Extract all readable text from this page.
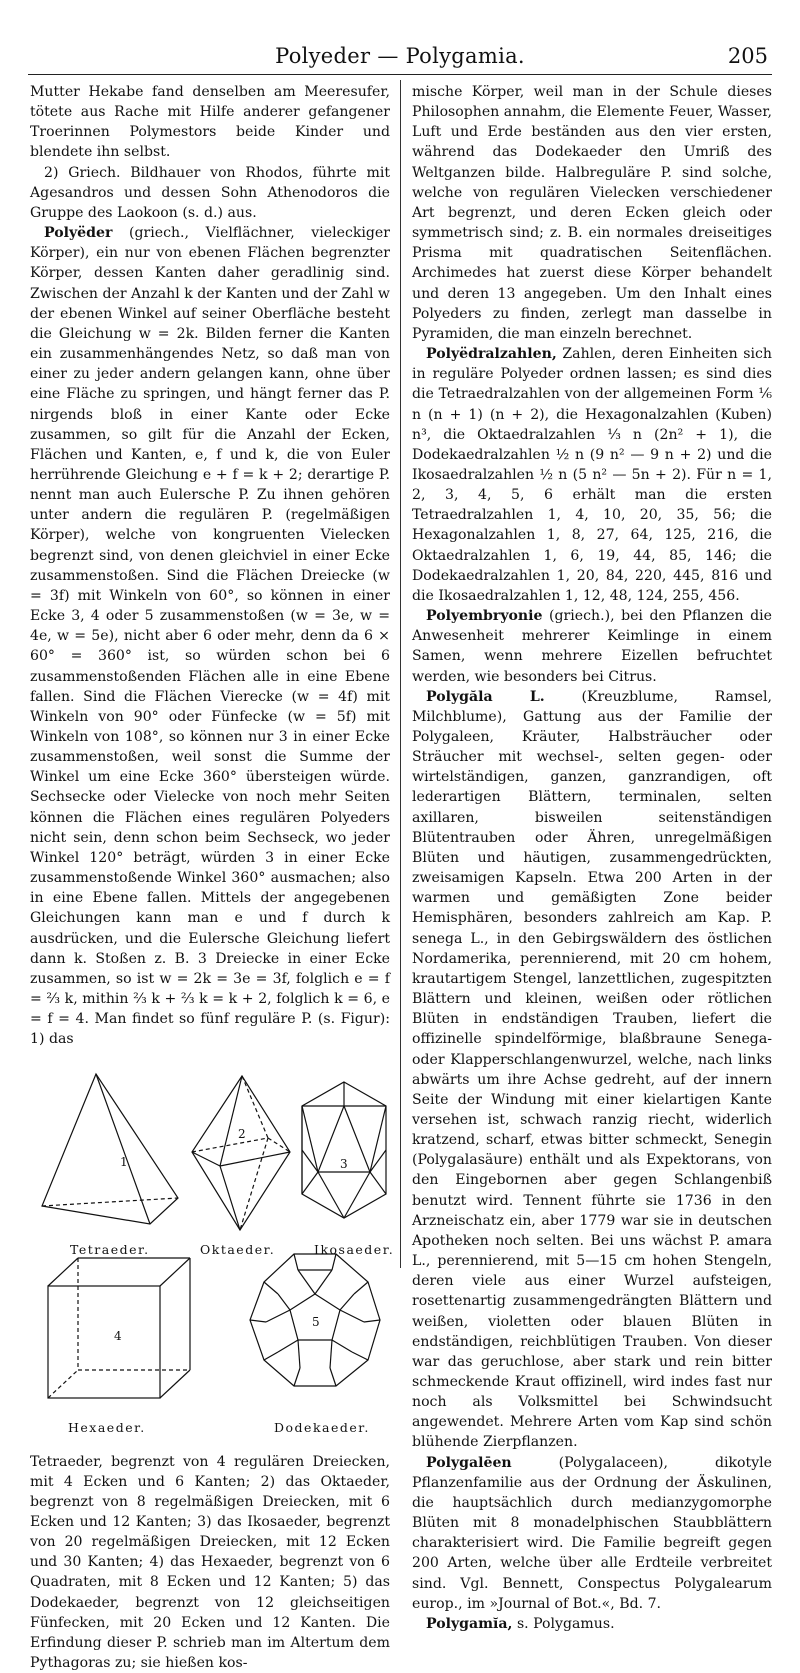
Polyeder — Polygamia.	205

Mutter Hekabe fand denselben am Meeresufer, tötete aus Rache mit Hilfe anderer gefangener Troerinnen Polymestors beide Kinder und blendete ihn selbst.

2) Griech. Bildhauer von Rhodos, führte mit Agesandros und dessen Sohn Athenodoros die Gruppe des Laokoon (s. d.) aus.

Polyëder (griech., Vielflächner, vieleckiger Körper), ein nur von ebenen Flächen begrenzter Körper, dessen Kanten daher geradlinig sind. Zwischen der Anzahl k der Kanten und der Zahl w der ebenen Winkel auf seiner Oberfläche besteht die Gleichung w = 2k. Bilden ferner die Kanten ein zusammenhängendes Netz, so daß man von einer zu jeder andern gelangen kann, ohne über eine Fläche zu springen, und hängt ferner das P. nirgends bloß in einer Kante oder Ecke zusammen, so gilt für die Anzahl der Ecken, Flächen und Kanten, e, f und k, die von Euler herrührende Gleichung e + f = k + 2; derartige P. nennt man auch Eulersche P. Zu ihnen gehören unter andern die regulären P. (regelmäßigen Körper), welche von kongruenten Vielecken begrenzt sind, von denen gleichviel in einer Ecke zusammenstoßen. Sind die Flächen Dreiecke (w = 3f) mit Winkeln von 60°, so können in einer Ecke 3, 4 oder 5 zusammenstoßen (w = 3e, w = 4e, w = 5e), nicht aber 6 oder mehr, denn da 6 × 60° = 360° ist, so würden schon bei 6 zusammenstoßenden Flächen alle in eine Ebene fallen. Sind die Flächen Vierecke (w = 4f) mit Winkeln von 90° oder Fünfecke (w = 5f) mit Winkeln von 108°, so können nur 3 in einer Ecke zusammenstoßen, weil sonst die Summe der Winkel um eine Ecke 360° übersteigen würde. Sechsecke oder Vielecke von noch mehr Seiten können die Flächen eines regulären Polyeders nicht sein, denn schon beim Sechseck, wo jeder Winkel 120° beträgt, würden 3 in einer Ecke zusammenstoßende Winkel 360° ausmachen; also in eine Ebene fallen. Mittels der angegebenen Gleichungen kann man e und f durch k ausdrücken, und die Eulersche Gleichung liefert dann k. Stoßen z. B. 3 Dreiecke in einer Ecke zusammen, so ist w = 2k = 3e = 3f, folglich e = f = ⅔ k, mithin ⅔ k + ⅔ k = k + 2, folglich k = 6, e = f = 4. Man findet so fünf reguläre P. (s. Figur): 1) das

1
2
3
4
5
Tetraeder.	Oktaeder.	Ikosaeder.
Hexaeder.	Dodekaeder.

Tetraeder, begrenzt von 4 regulären Dreiecken, mit 4 Ecken und 6 Kanten; 2) das Oktaeder, begrenzt von 8 regelmäßigen Dreiecken, mit 6 Ecken und 12 Kanten; 3) das Ikosaeder, begrenzt von 20 regelmäßigen Dreiecken, mit 12 Ecken und 30 Kanten; 4) das Hexaeder, begrenzt von 6 Quadraten, mit 8 Ecken und 12 Kanten; 5) das Dodekaeder, begrenzt von 12 gleichseitigen Fünfecken, mit 20 Ecken und 12 Kanten. Die Erfindung dieser P. schrieb man im Altertum dem Pythagoras zu; sie hießen kos-

mische Körper, weil man in der Schule dieses Philosophen annahm, die Elemente Feuer, Wasser, Luft und Erde beständen aus den vier ersten, während das Dodekaeder den Umriß des Weltganzen bilde. Halbreguläre P. sind solche, welche von regulären Vielecken verschiedener Art begrenzt, und deren Ecken gleich oder symmetrisch sind; z. B. ein normales dreiseitiges Prisma mit quadratischen Seitenflächen. Archimedes hat zuerst diese Körper behandelt und deren 13 angegeben. Um den Inhalt eines Polyeders zu finden, zerlegt man dasselbe in Pyramiden, die man einzeln berechnet.

Polyëdralzahlen, Zahlen, deren Einheiten sich in reguläre Polyeder ordnen lassen; es sind dies die Tetraedralzahlen von der allgemeinen Form ⅙ n (n + 1) (n + 2), die Hexagonalzahlen (Kuben) n³, die Oktaedralzahlen ⅓ n (2n² + 1), die Dodekaedralzahlen ½ n (9 n² — 9 n + 2) und die Ikosaedralzahlen ½ n (5 n² — 5n + 2). Für n = 1, 2, 3, 4, 5, 6 erhält man die ersten Tetraedralzahlen 1, 4, 10, 20, 35, 56; die Hexagonalzahlen 1, 8, 27, 64, 125, 216, die Oktaedralzahlen 1, 6, 19, 44, 85, 146; die Dodekaedralzahlen 1, 20, 84, 220, 445, 816 und die Ikosaedralzahlen 1, 12, 48, 124, 255, 456.

Polyembryonie (griech.), bei den Pflanzen die Anwesenheit mehrerer Keimlinge in einem Samen, wenn mehrere Eizellen befruchtet werden, wie besonders bei Citrus.

Polygăla L.	(Kreuzblume, Ramsel, Milchblume), Gattung aus der Familie der Polygaleen, Kräuter, Halbsträucher oder Sträucher mit wechsel-, selten gegen- oder wirtelständigen, ganzen, ganzrandigen, oft lederartigen Blättern, terminalen, selten axillaren, bisweilen seitenständigen Blütentrauben oder Ähren, unregelmäßigen Blüten und häutigen, zusammengedrückten, zweisamigen Kapseln. Etwa 200 Arten in der warmen und gemäßigten Zone beider Hemisphären, besonders zahlreich am Kap. P. senega L., in den Gebirgswäldern des östlichen Nordamerika, perennierend, mit 20 cm hohem, krautartigem Stengel, lanzettlichen, zugespitzten Blättern und kleinen, weißen oder rötlichen Blüten in endständigen Trauben, liefert die offizinelle spindelförmige, blaßbraune Senega- oder Klapperschlangenwurzel, welche, nach links abwärts um ihre Achse gedreht, auf der innern Seite der Windung mit einer kielartigen Kante versehen ist, schwach ranzig riecht, widerlich kratzend, scharf, etwas bitter schmeckt, Senegin (Polygalasäure) enthält und als Expektorans, von den Eingebornen aber gegen Schlangenbiß benutzt wird. Tennent führte sie 1736 in den Arzneischatz ein, aber 1779 war sie in deutschen Apotheken noch selten. Bei uns wächst P. amara L., perennierend, mit 5—15 cm hohen Stengeln, deren viele aus einer Wurzel aufsteigen, rosettenartig zusammengedrängten Blättern und weißen, violetten oder blauen Blüten in endständigen, reichblütigen Trauben. Von dieser war das geruchlose, aber stark und rein bitter schmeckende Kraut offizinell, wird indes fast nur noch als Volksmittel bei Schwindsucht angewendet. Mehrere Arten vom Kap sind schön blühende Zierpflanzen.

Polygalēen	(Polygalaceen), dikotyle Pflanzenfamilie aus der Ordnung der Äskulinen, die hauptsächlich durch medianzygomorphe Blüten mit 8 monadelphischen Staubblättern charakterisiert wird. Die Familie begreift gegen 200 Arten, welche über alle Erdteile verbreitet sind. Vgl. Bennett, Conspectus Polygalearum europ., im »Journal of Bot.«, Bd. 7.

Polygamĭa, s. Polygamus.
